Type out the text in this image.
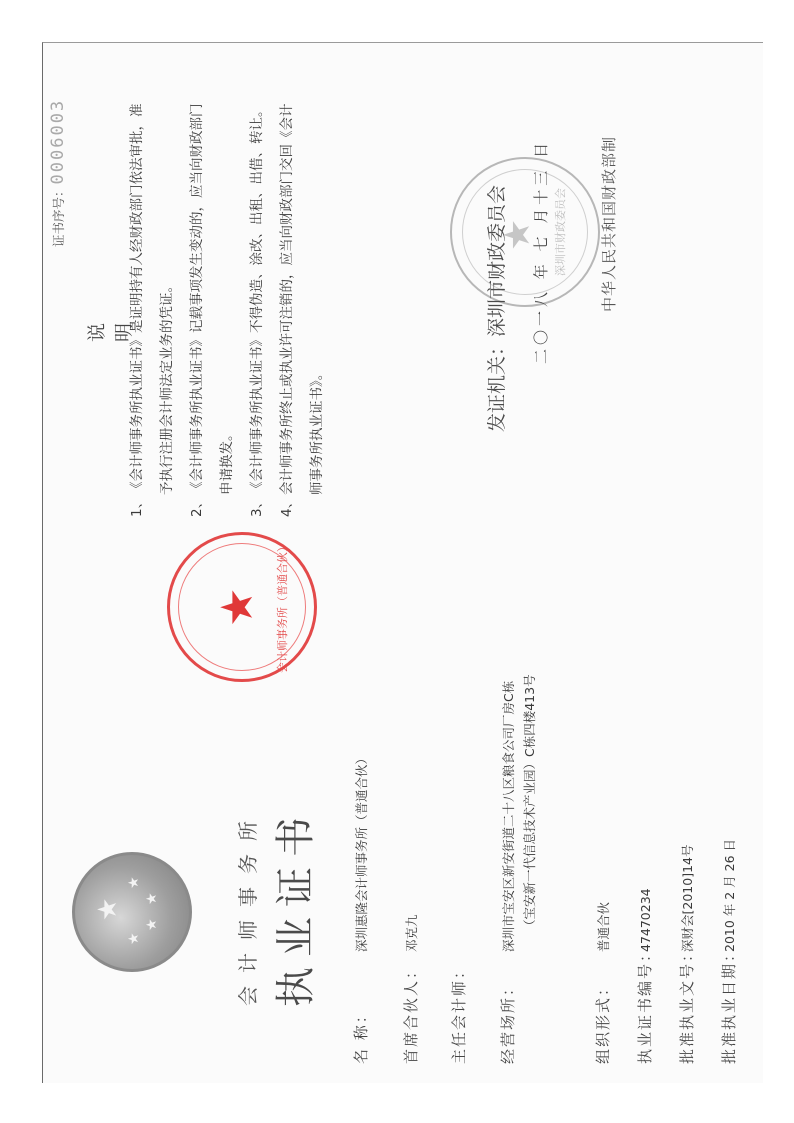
★
★
★
★
★	会计师事务所 执业证书
名 称：深圳惠隆会计师事务所（普通合伙）
首席合伙人：邓克九
主任会计师： 经营场所：深圳市宝安区新安街道二十八区粮食公司厂房C栋 （宝安新一代信息技术产业园）C栋四楼413号
组织形式：普通合伙
执业证书编号：47470234
批准执业文号：深财会[2010]14号
批准执业日期：2010 年 2 月 26 日
★ 会计师事务所（普通合伙）
证书序号：0006003
说 明
1、
《会计师事务所执业证书》是证明持有人经财政部门依法审批，准予执行注册会计师法定业务的凭证。
2、
《会计师事务所执业证书》记载事项发生变动的，应当向财政部门申请换发。
3、
《会计师事务所执业证书》不得伪造、涂改、出租、出借、转让。
4、
会计师事务所终止或执业许可注销的，应当向财政部门交回《会计师事务所执业证书》。
★ 深圳市财政委员会
发证机关：深圳市财政委员会 二〇一八 年 七 月十三 日	中华人民共和国财政部制
